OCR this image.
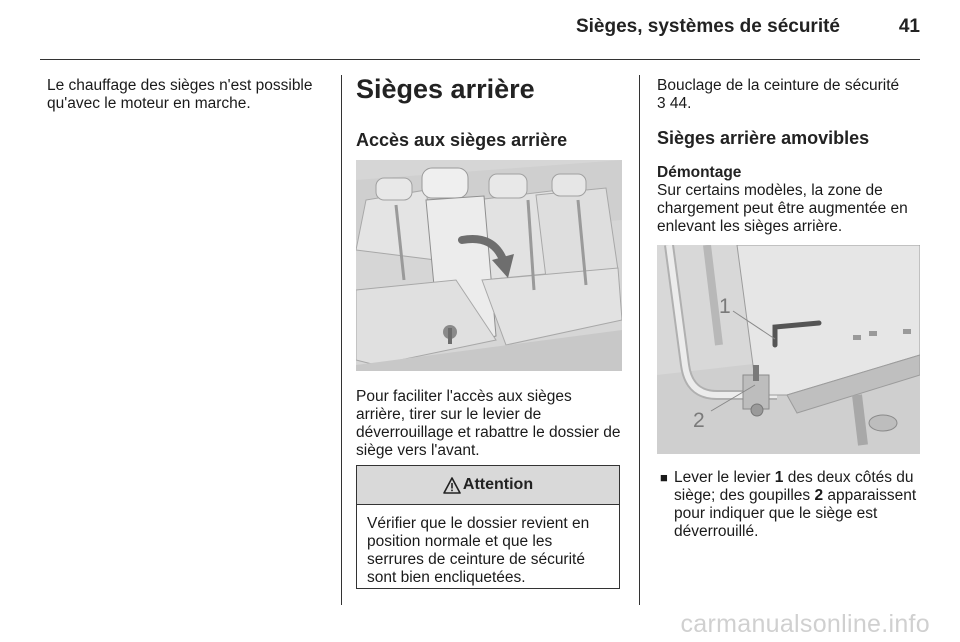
Sièges, systèmes de sécurité	41
Le chauffage des sièges n'est possible qu'avec le moteur en marche.	Sièges arrière
Accès aux sièges arrière
Pour faciliter l'accès aux sièges arrière, tirer sur le levier de déverrouillage et rabattre le dossier de siège vers l'avant.
Attention
Vérifier que le dossier revient en position normale et que les serrures de ceinture de sécurité sont bien encliquetées.
Bouclage de la ceinture de sécurité
3 44.
Sièges arrière amovibles
Démontage
Sur certains modèles, la zone de chargement peut être augmentée en enlevant les sièges arrière.
1
2
■ Lever le levier 1 des deux côtés du siège; des goupilles 2 apparaissent pour indiquer que le siège est déverrouillé.
carmanualsonline.info
